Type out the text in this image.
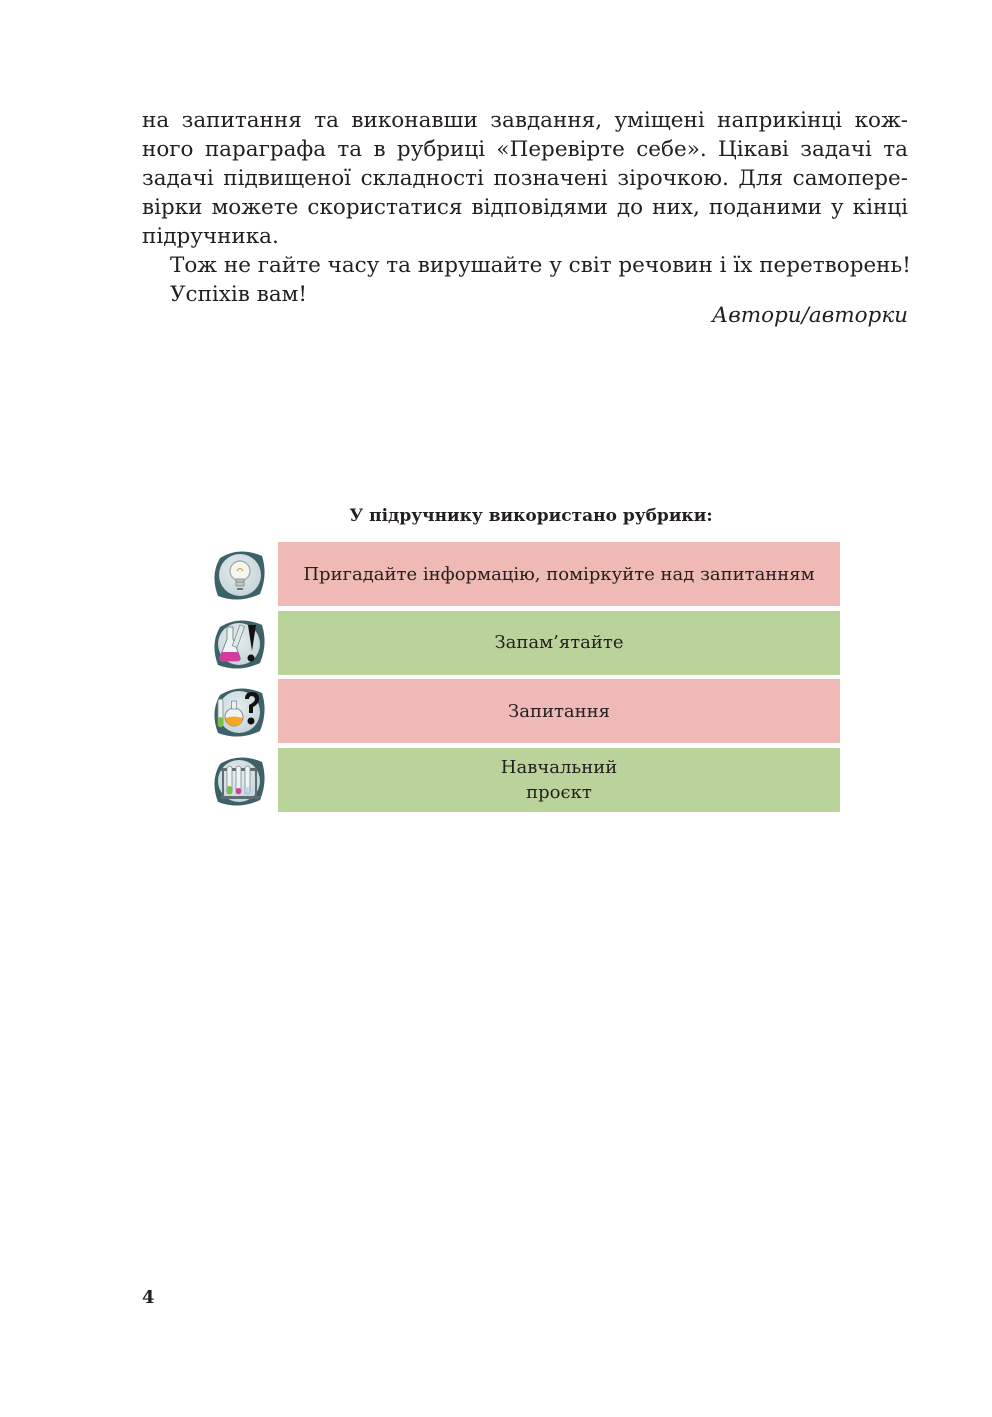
на запитання та виконавши завдання, уміщені наприкінці кож-
ного параграфа та в рубриці «Перевірте себе». Цікаві задачі та
задачі підвищеної складності позначені зірочкою. Для самопере-
вірки можете скористатися відповідями до них, поданими у кінці
підручника.

Тож не гайте часу та вирушайте у світ речовин і їх перетворень!
Успіхів вам!

Автори/авторки
У підручнику використано рубрики:
Пригадайте інформацію, поміркуйте над запитанням
Запам’ятайте
Запитання
Навчальний
проєкт
4
